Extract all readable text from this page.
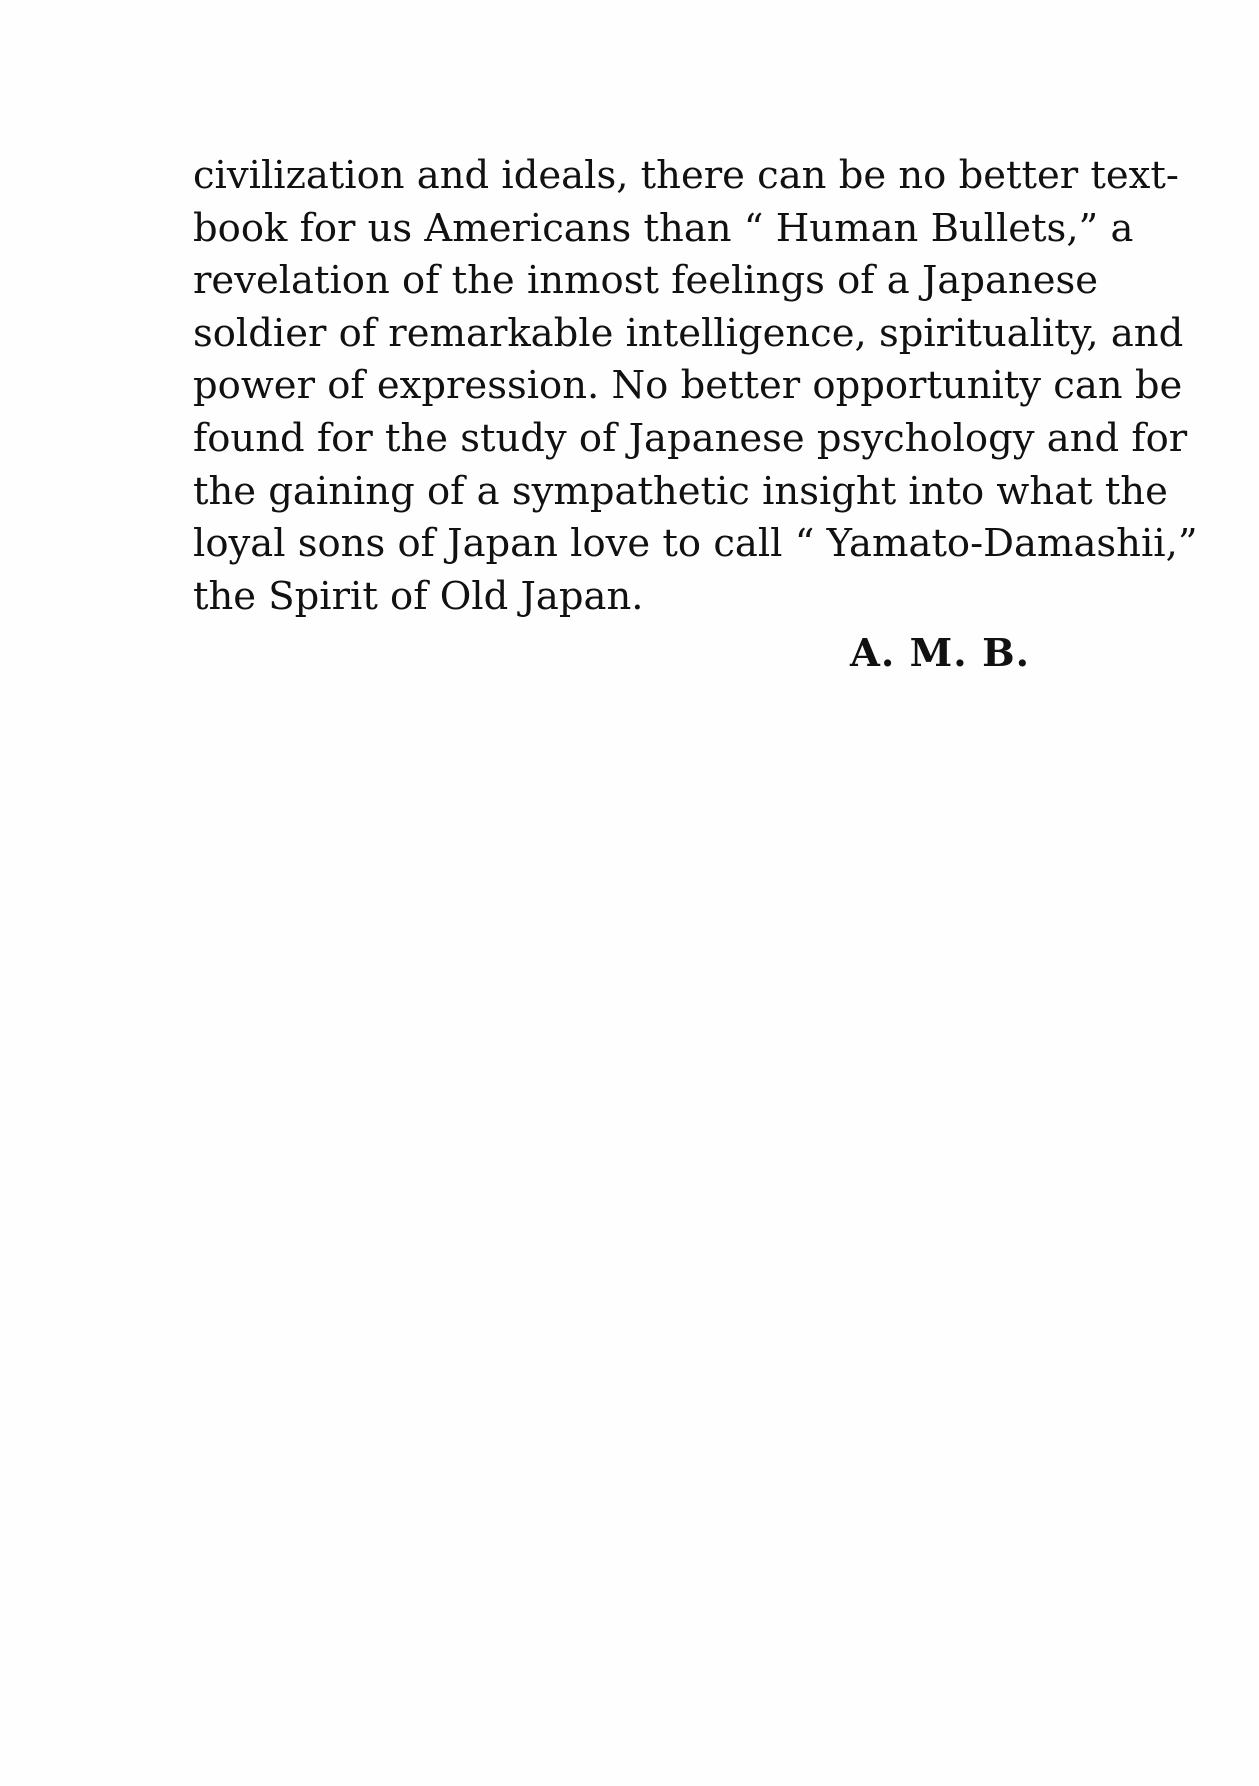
civilization and ideals, there can be no better text-
book for us Americans than “ Human Bullets,” a
revelation of the inmost feelings of a Japanese
soldier of remarkable intelligence, spirituality, and
power of expression. No better opportunity can be
found for the study of Japanese psychology and for
the gaining of a sympathetic insight into what the
loyal sons of Japan love to call “ Yamato-Damashii,”
the Spirit of Old Japan.
A. M. B.
